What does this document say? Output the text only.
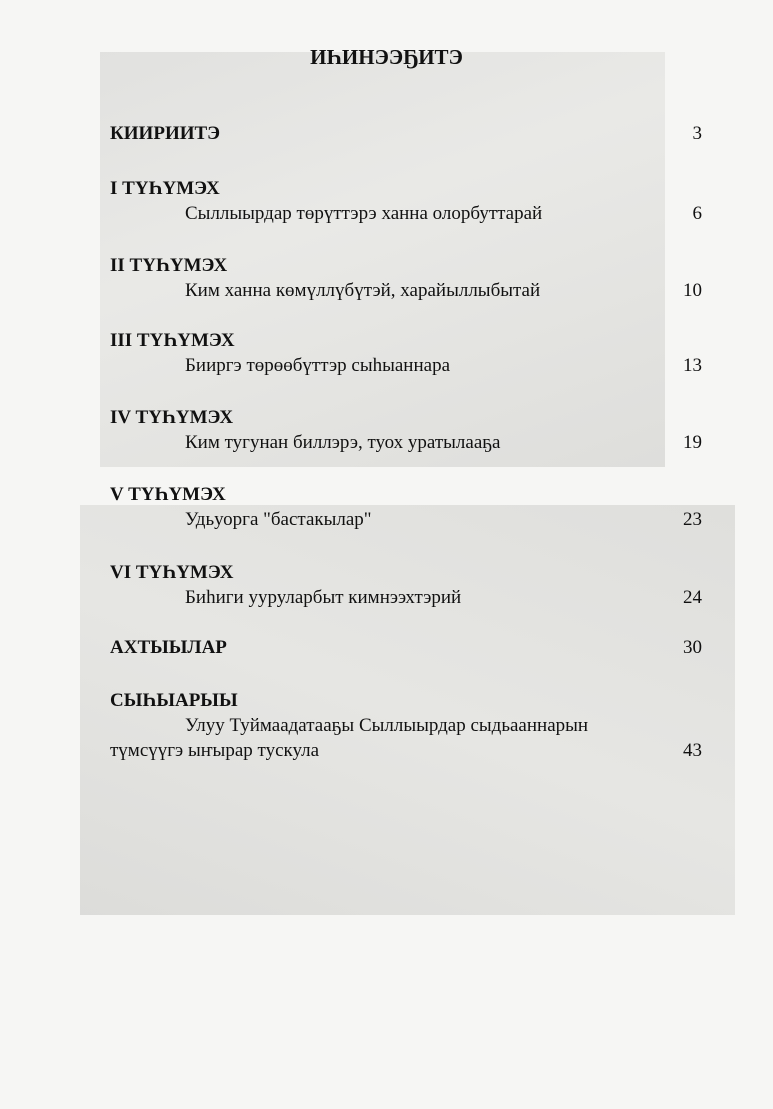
ИҺИНЭЭҔИТЭ
КИИРИИТЭ	3
I ТҮҺҮМЭХ
Сыллыырдар төрүттэрэ ханна олорбуттарай	6
II ТҮҺҮМЭХ
Ким ханна көмүллүбүтэй, харайыллыбытай	10
III ТҮҺҮМЭХ
Бииргэ төрөөбүттэр сыһыаннара	13
IV ТҮҺҮМЭХ
Ким тугунан биллэрэ, туох уратылааҕа	19
V ТҮҺҮМЭХ
Удьуорга "бастакылар"	23
VI ТҮҺҮМЭХ
Биһиги ууруларбыт кимнээхтэрий	24
АХТЫЫЛАР	30
СЫҺЫАРЫЫ
Улуу Туймаадатааҕы Сыллыырдар сыдьааннарын
түмсүүгэ ыҥырар тускула	43
